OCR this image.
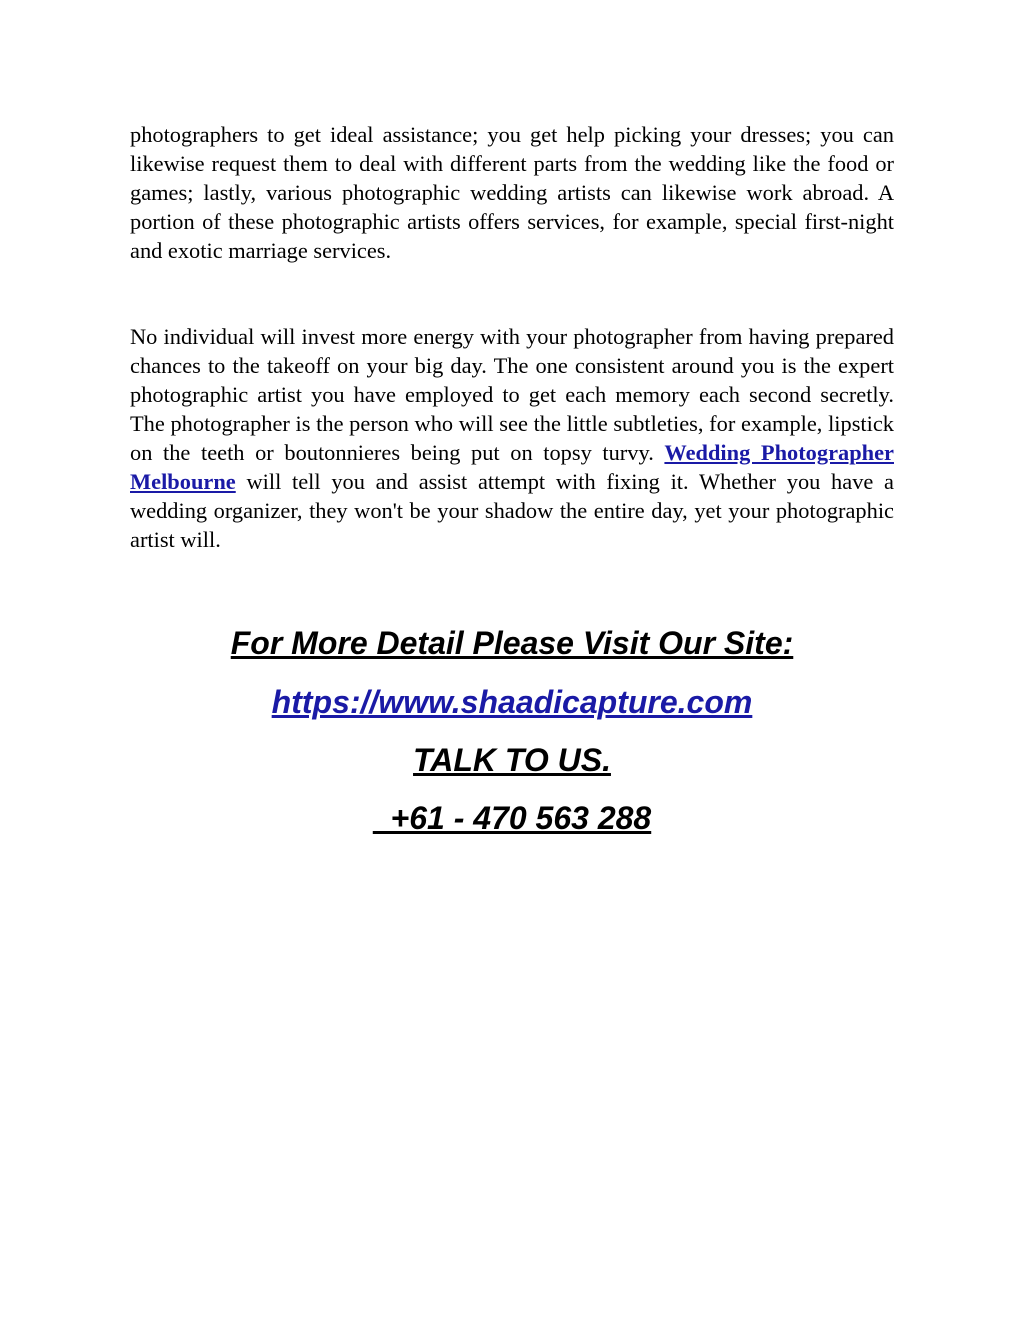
photographers to get ideal assistance; you get help picking your dresses; you can likewise request them to deal with different parts from the wedding like the food or games; lastly, various photographic wedding artists can likewise work abroad. A portion of these photographic artists offers services, for example, special first-night and exotic marriage services.

No individual will invest more energy with your photographer from having prepared chances to the takeoff on your big day. The one consistent around you is the expert photographic artist you have employed to get each memory each second secretly. The photographer is the person who will see the little subtleties, for example, lipstick on the teeth or boutonnieres being put on topsy turvy. Wedding Photographer Melbourne will tell you and assist attempt with fixing it. Whether you have a wedding organizer, they won't be your shadow the entire day, yet your photographic artist will.

For More Detail Please Visit Our Site:

https://www.shaadicapture.com

TALK TO US.

+61 - 470 563 288
